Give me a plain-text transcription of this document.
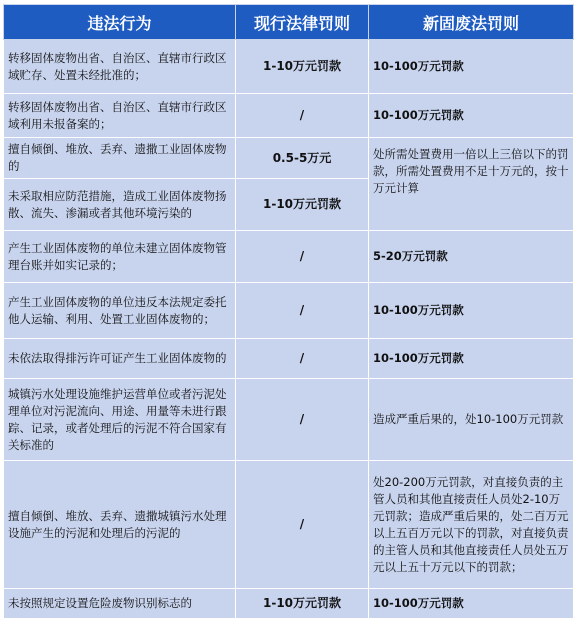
违法行为	现行法律罚则	新固废法罚则
转移固体废物出省、自治区、直辖市行政区域贮存、处置未经批准的；	1-10万元罚款	10-100万元罚款
转移固体废物出省、自治区、直辖市行政区域利用未报备案的；	/	10-100万元罚款
擅自倾倒、堆放、丢弃、遗撒工业固体废物的	0.5-5万元	处所需处置费用一倍以上三倍以下的罚款，所需处置费用不足十万元的，按十万元计算
未采取相应防范措施，造成工业固体废物扬散、流失、渗漏或者其他环境污染的	1-10万元罚款	
产生工业固体废物的单位未建立固体废物管理台账并如实记录的；	/	5-20万元罚款
产生工业固体废物的单位违反本法规定委托他人运输、利用、处置工业固体废物的；	/	10-100万元罚款
未依法取得排污许可证产生工业固体废物的	/	10-100万元罚款
城镇污水处理设施维护运营单位或者污泥处理单位对污泥流向、用途、用量等未进行跟踪、记录，或者处理后的污泥不符合国家有关标准的	/	造成严重后果的，处10-100万元罚款
擅自倾倒、堆放、丢弃、遗撒城镇污水处理设施产生的污泥和处理后的污泥的	/	处20-200万元罚款，对直接负责的主管人员和其他直接责任人员处2-10万元罚款；造成严重后果的，处二百万元以上五百万元以下的罚款，对直接负责的主管人员和其他直接责任人员处五万元以上五十万元以下的罚款；
未按照规定设置危险废物识别标志的	1-10万元罚款	10-100万元罚款
